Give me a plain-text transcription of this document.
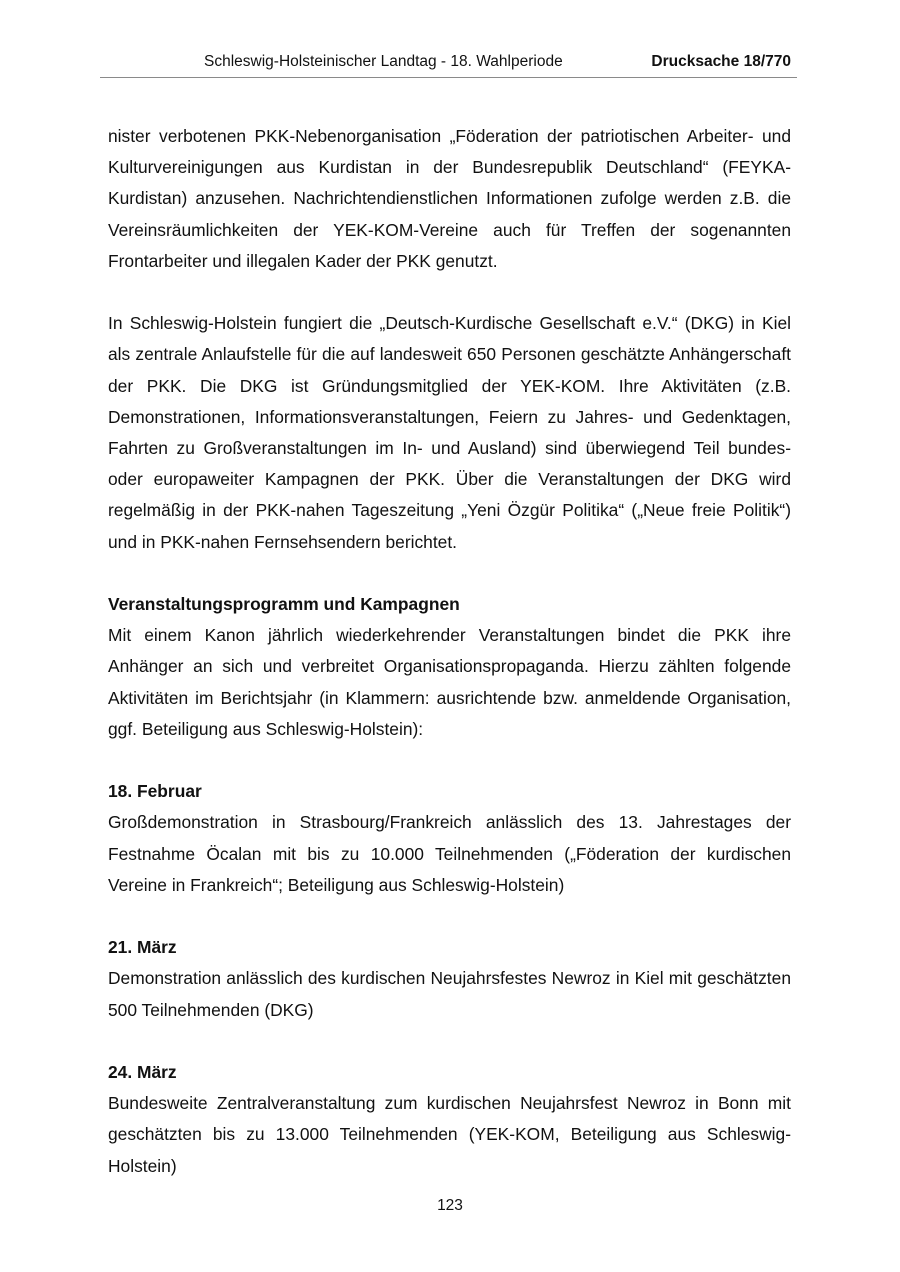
Schleswig-Holsteinischer Landtag - 18. Wahlperiode	Drucksache 18/770

nister verbotenen PKK-Nebenorganisation „Föderation der patriotischen Arbeiter- und Kulturvereinigungen aus Kurdistan in der Bundesrepublik Deutschland“ (FEYKA-Kurdistan) anzusehen. Nachrichtendienstlichen Informationen zufolge werden z.B. die Vereinsräumlichkeiten der YEK-KOM-Vereine auch für Treffen der sogenannten Frontarbeiter und illegalen Kader der PKK genutzt.

In Schleswig-Holstein fungiert die „Deutsch-Kurdische Gesellschaft e.V.“ (DKG) in Kiel als zentrale Anlaufstelle für die auf landesweit 650 Personen geschätzte Anhängerschaft der PKK. Die DKG ist Gründungsmitglied der YEK-KOM. Ihre Aktivitäten (z.B. Demonstrationen, Informationsveranstaltungen, Feiern zu Jahres- und Gedenktagen, Fahrten zu Großveranstaltungen im In- und Ausland) sind überwiegend Teil bundes- oder europaweiter Kampagnen der PKK. Über die Veranstaltungen der DKG wird regelmäßig in der PKK-nahen Tageszeitung „Yeni Özgür Politika“ („Neue freie Politik“) und in PKK-nahen Fernsehsendern berichtet.

Veranstaltungsprogramm und Kampagnen

Mit einem Kanon jährlich wiederkehrender Veranstaltungen bindet die PKK ihre Anhänger an sich und verbreitet Organisationspropaganda. Hierzu zählten folgende Aktivitäten im Berichtsjahr (in Klammern: ausrichtende bzw. anmeldende Organisation, ggf. Beteiligung aus Schleswig-Holstein):

18. Februar

Großdemonstration in Strasbourg/Frankreich anlässlich des 13. Jahrestages der Festnahme Öcalan mit bis zu 10.000 Teilnehmenden („Föderation der kurdischen Vereine in Frankreich“; Beteiligung aus Schleswig-Holstein)

21. März

Demonstration anlässlich des kurdischen Neujahrsfestes Newroz in Kiel mit geschätzten 500 Teilnehmenden (DKG)

24. März

Bundesweite Zentralveranstaltung zum kurdischen Neujahrsfest Newroz in Bonn mit geschätzten bis zu 13.000 Teilnehmenden (YEK-KOM, Beteiligung aus Schleswig-Holstein)

123
